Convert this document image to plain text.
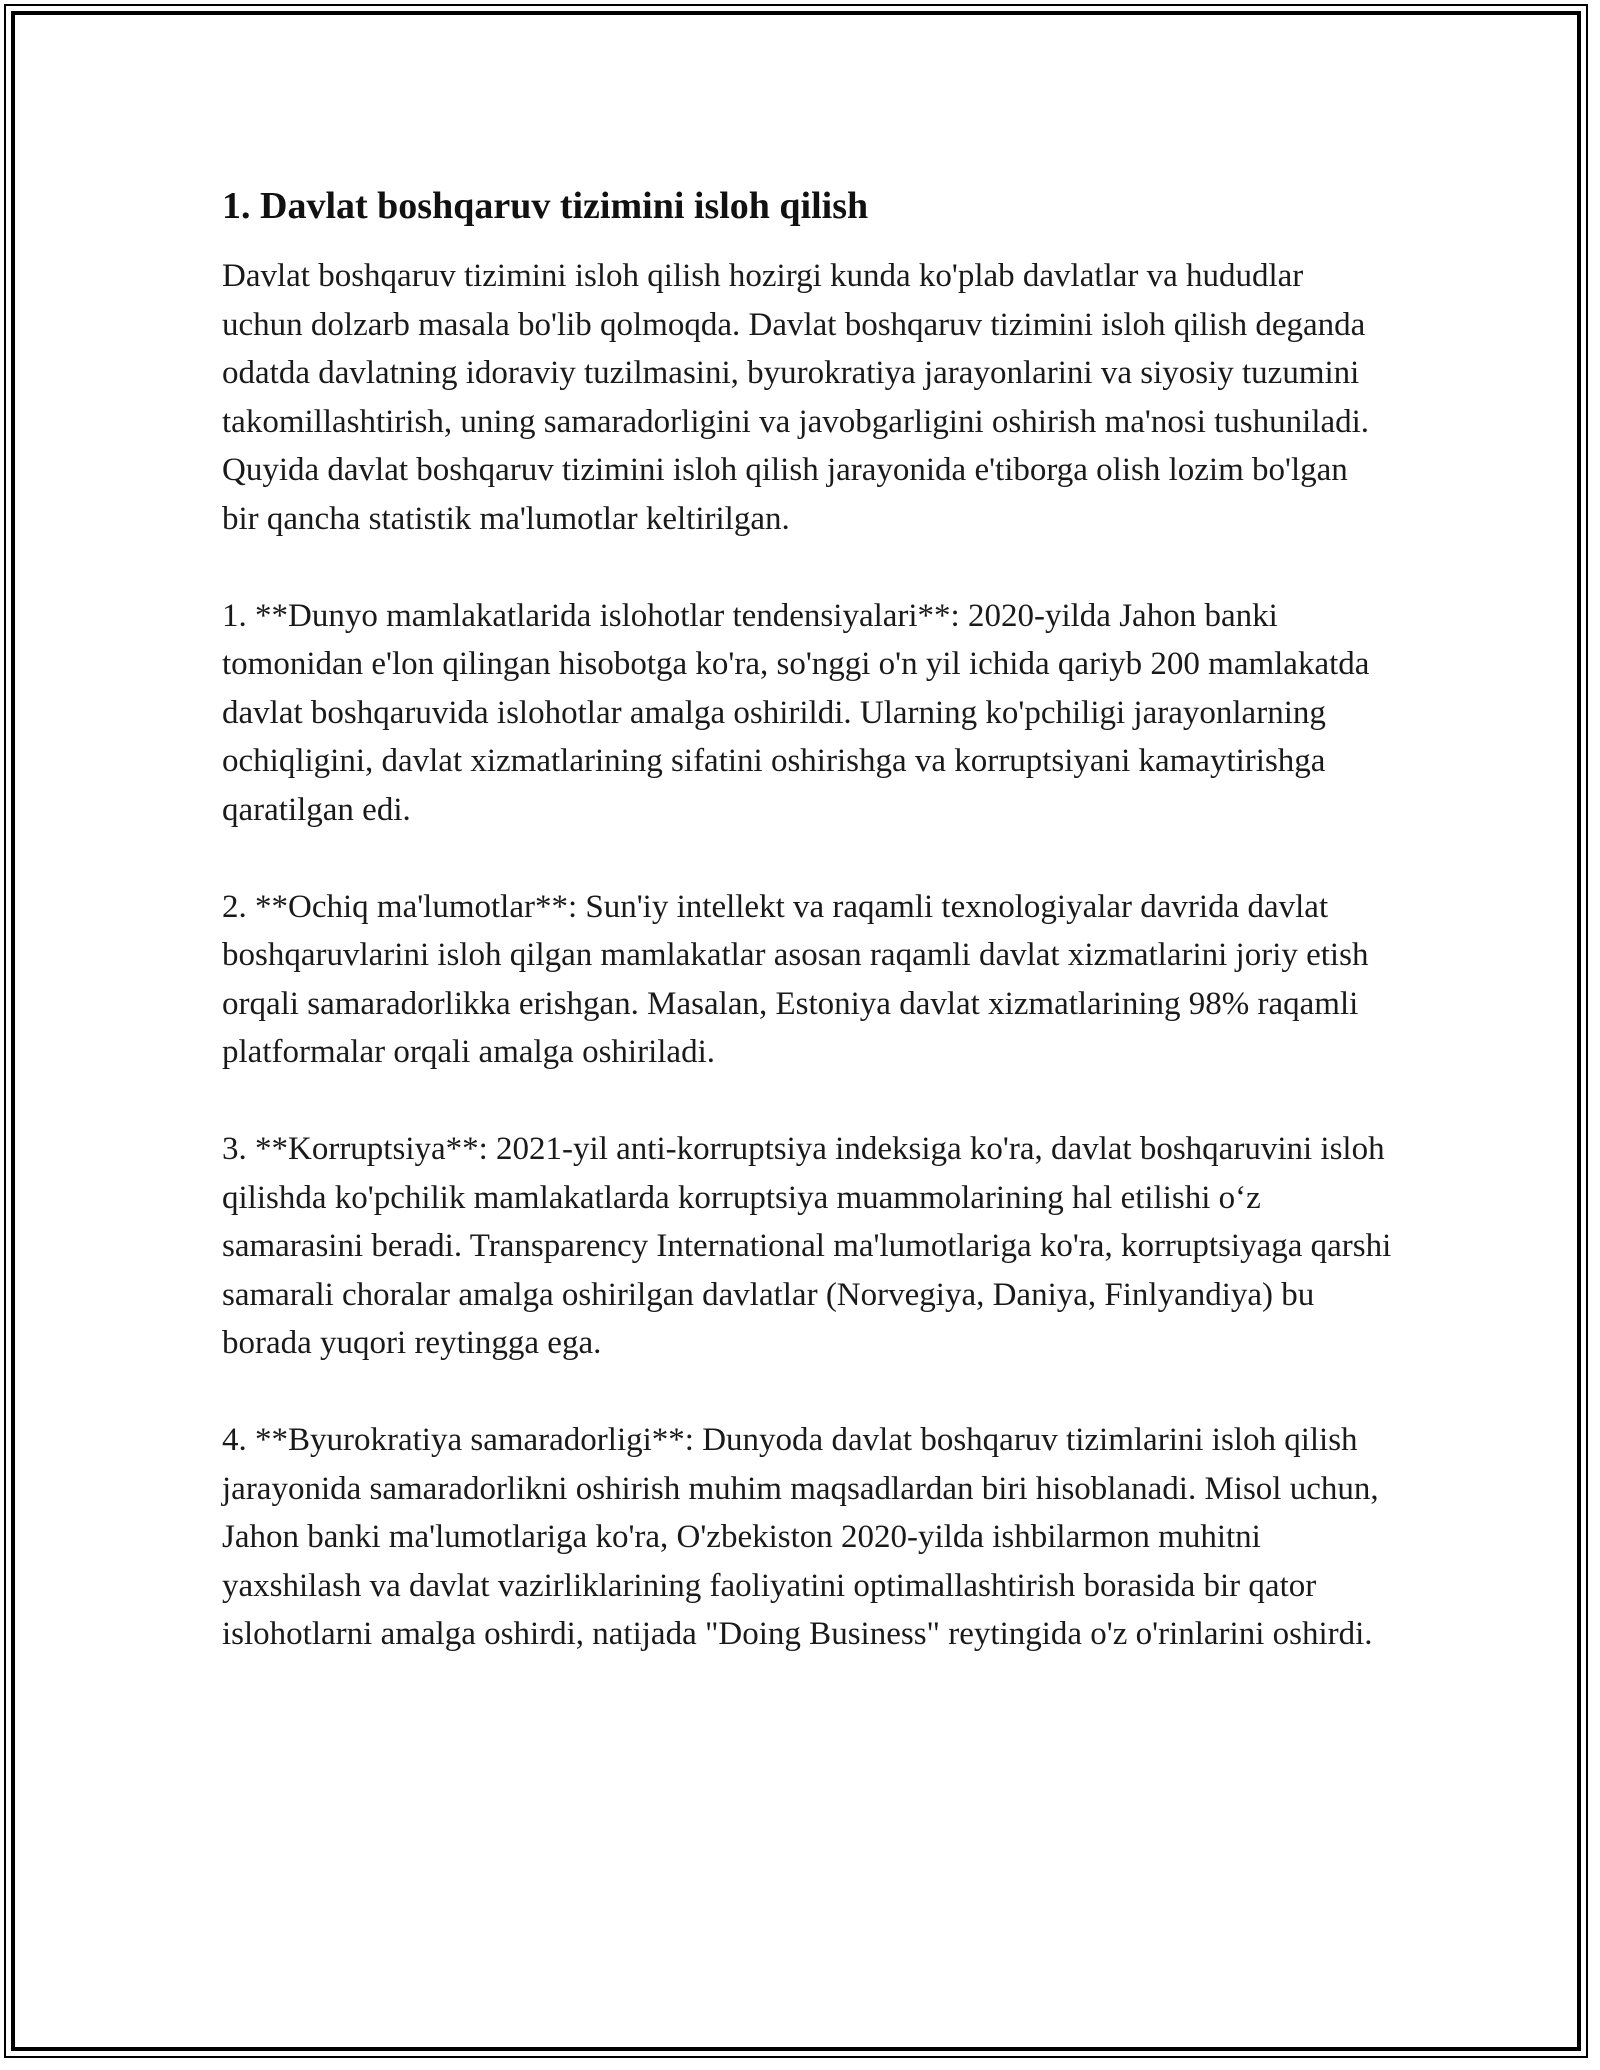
1. Davlat boshqaruv tizimini isloh qilish

Davlat boshqaruv tizimini isloh qilish hozirgi kunda ko'plab davlatlar va hududlar uchun dolzarb masala bo'lib qolmoqda. Davlat boshqaruv tizimini isloh qilish deganda odatda davlatning idoraviy tuzilmasini, byurokratiya jarayonlarini va siyosiy tuzumini takomillashtirish, uning samaradorligini va javobgarligini oshirish ma'nosi tushuniladi. Quyida davlat boshqaruv tizimini isloh qilish jarayonida e'tiborga olish lozim bo'lgan bir qancha statistik ma'lumotlar keltirilgan.

1. **Dunyo mamlakatlarida islohotlar tendensiyalari**: 2020-yilda Jahon banki tomonidan e'lon qilingan hisobotga ko'ra, so'nggi o'n yil ichida qariyb 200 mamlakatda davlat boshqaruvida islohotlar amalga oshirildi. Ularning ko'pchiligi jarayonlarning ochiqligini, davlat xizmatlarining sifatini oshirishga va korruptsiyani kamaytirishga qaratilgan edi.

2. **Ochiq ma'lumotlar**: Sun'iy intellekt va raqamli texnologiyalar davrida davlat boshqaruvlarini isloh qilgan mamlakatlar asosan raqamli davlat xizmatlarini joriy etish orqali samaradorlikka erishgan. Masalan, Estoniya davlat xizmatlarining 98% raqamli platformalar orqali amalga oshiriladi.

3. **Korruptsiya**: 2021-yil anti-korruptsiya indeksiga ko'ra, davlat boshqaruvini isloh qilishda ko'pchilik mamlakatlarda korruptsiya muammolarining hal etilishi o‘z samarasini beradi. Transparency International ma'lumotlariga ko'ra, korruptsiyaga qarshi samarali choralar amalga oshirilgan davlatlar (Norvegiya, Daniya, Finlyandiya) bu borada yuqori reytingga ega.

4. **Byurokratiya samaradorligi**: Dunyoda davlat boshqaruv tizimlarini isloh qilish jarayonida samaradorlikni oshirish muhim maqsadlardan biri hisoblanadi. Misol uchun, Jahon banki ma'lumotlariga ko'ra, O'zbekiston 2020-yilda ishbilarmon muhitni yaxshilash va davlat vazirliklarining faoliyatini optimallashtirish borasida bir qator islohotlarni amalga oshirdi, natijada "Doing Business" reytingida o'z o'rinlarini oshirdi.
